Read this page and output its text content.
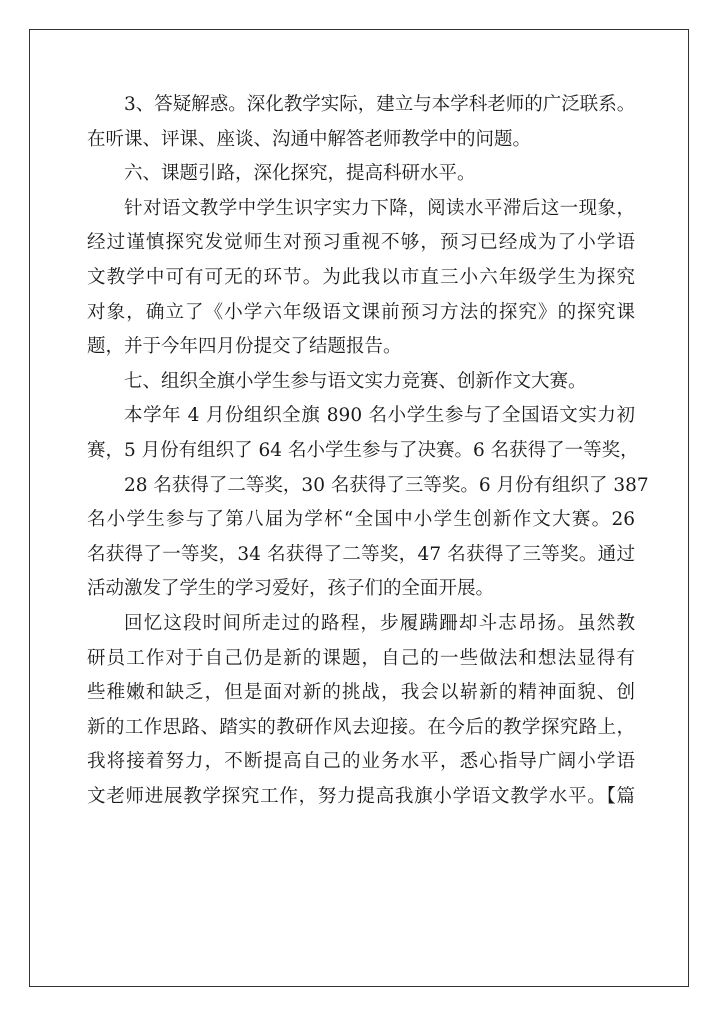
3、答疑解惑。深化教学实际，建立与本学科老师的广泛联系。
在听课、评课、座谈、沟通中解答老师教学中的问题。
六、课题引路，深化探究，提高科研水平。
针对语文教学中学生识字实力下降，阅读水平滞后这一现象，
经过谨慎探究发觉师生对预习重视不够，预习已经成为了小学语
文教学中可有可无的环节。为此我以市直三小六年级学生为探究
对象，确立了《小学六年级语文课前预习方法的探究》的探究课
题，并于今年四月份提交了结题报告。
七、组织全旗小学生参与语文实力竞赛、创新作文大赛。
本学年 4 月份组织全旗 890 名小学生参与了全国语文实力初
赛，5 月份有组织了 64 名小学生参与了决赛。6 名获得了一等奖，
28 名获得了二等奖，30 名获得了三等奖。6 月份有组织了 387
名小学生参与了第八届为学杯“全国中小学生创新作文大赛。26
名获得了一等奖，34 名获得了二等奖，47 名获得了三等奖。通过
活动激发了学生的学习爱好，孩子们的全面开展。
回忆这段时间所走过的路程，步履蹒跚却斗志昂扬。虽然教
研员工作对于自己仍是新的课题，自己的一些做法和想法显得有
些稚嫩和缺乏，但是面对新的挑战，我会以崭新的精神面貌、创
新的工作思路、踏实的教研作风去迎接。在今后的教学探究路上，
我将接着努力，不断提高自己的业务水平，悉心指导广阔小学语
文老师进展教学探究工作，努力提高我旗小学语文教学水平。【篇
